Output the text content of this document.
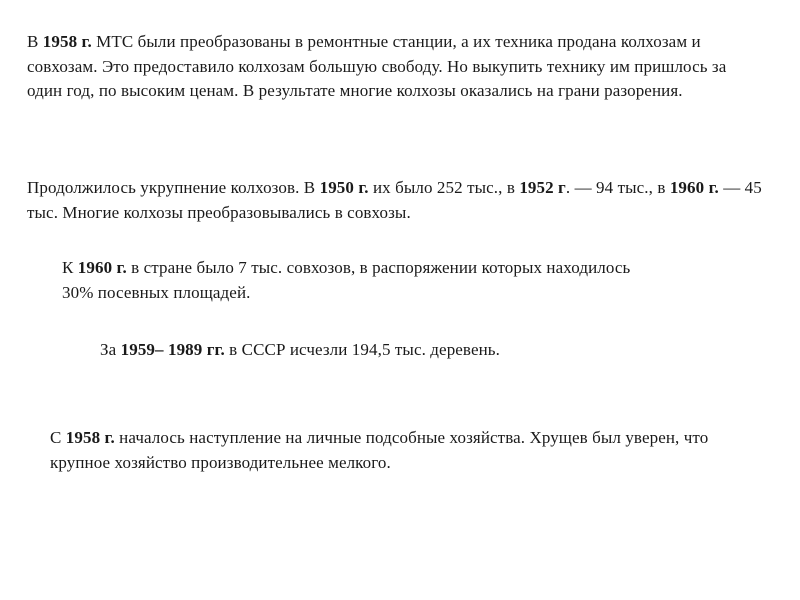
В 1958 г. МТС были преобразованы в ремонтные станции, а их техника продана колхозам и совхозам. Это предоставило колхозам большую свободу. Но выкупить технику им пришлось за один год, по высоким ценам. В результате многие колхозы оказались на грани разорения.

Продолжилось укрупнение колхозов. В 1950 г. их было 252 тыс., в 1952 г. — 94 тыс., в 1960 г. — 45 тыс. Многие колхозы преобразовывались в совхозы.

К 1960 г. в стране было 7 тыс. совхозов, в распоряжении которых находилось 30% посевных площадей.

За 1959– 1989 гг. в СССР исчезли 194,5 тыс. деревень.

С 1958 г. началось наступление на личные подсобные хозяйства. Хрущев был уверен, что крупное хозяйство производительнее мелкого.
